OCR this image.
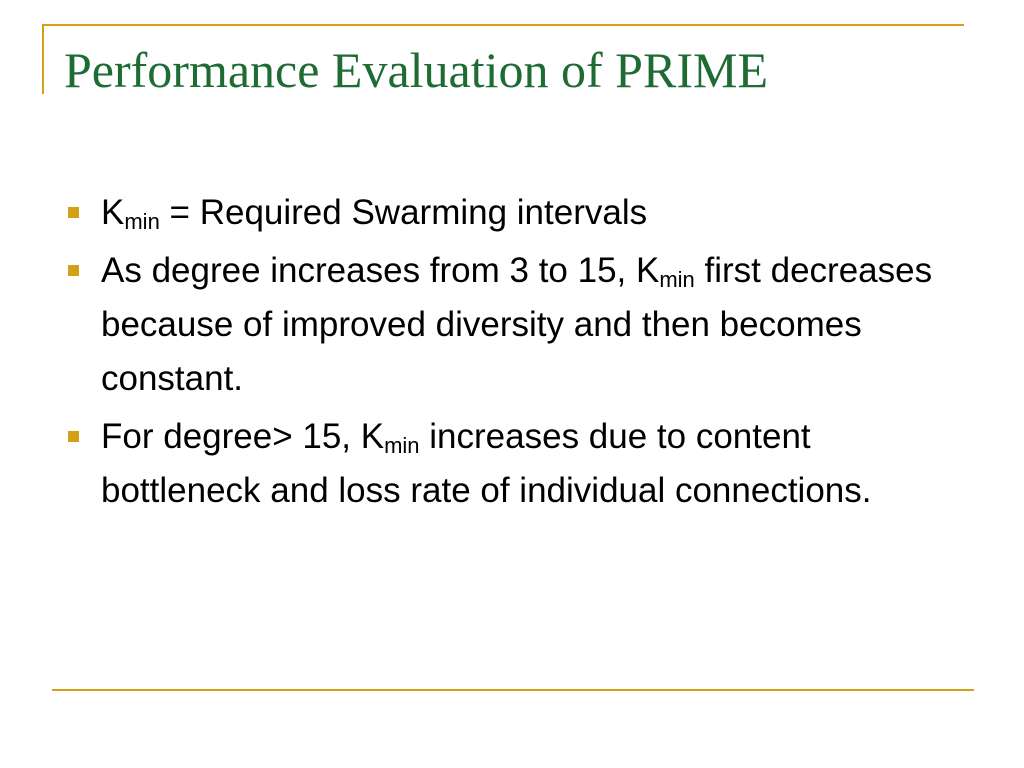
Performance Evaluation of PRIME
$K_{min}$ = Required Swarming intervals
As degree increases from 3 to 15, $K_{min}$ first decreases because of improved diversity and then becomes constant.
For degree> 15, $K_{min}$ increases due to content bottleneck and loss rate of individual connections.
